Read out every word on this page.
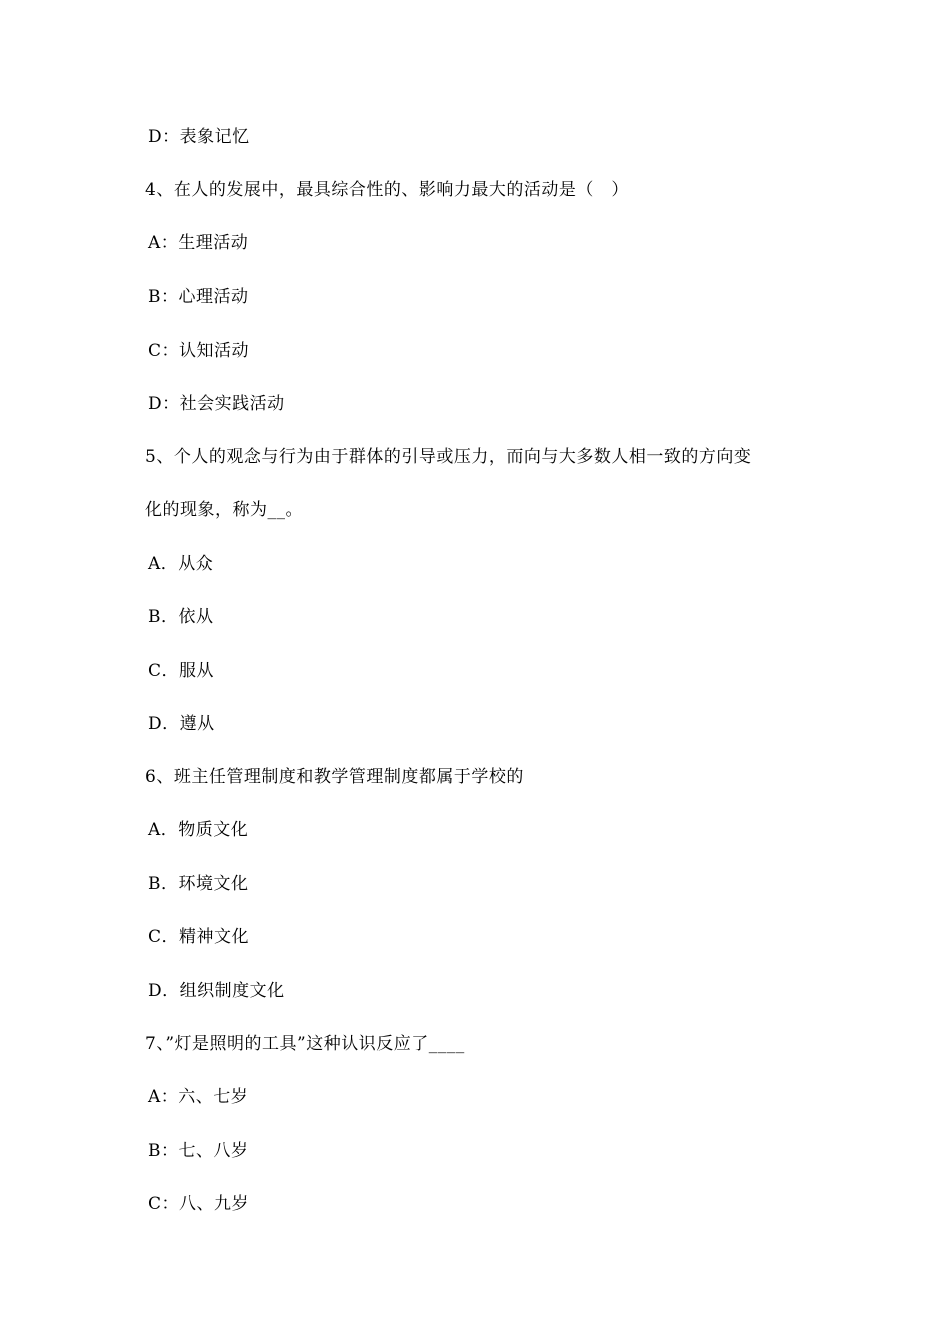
D：表象记忆
4、在人的发展中，最具综合性的、影响力最大的活动是（　）
A：生理活动
B：心理活动
C：认知活动
D：社会实践活动
5、个人的观念与行为由于群体的引导或压力，而向与大多数人相一致的方向变
化的现象，称为__。
A．从众
B．依从
C．服从
D．遵从
6、班主任管理制度和教学管理制度都属于学校的
A．物质文化
B．环境文化
C．精神文化
D．组织制度文化
7、”灯是照明的工具”这种认识反应了____
A：六、七岁
B：七、八岁
C：八、九岁
